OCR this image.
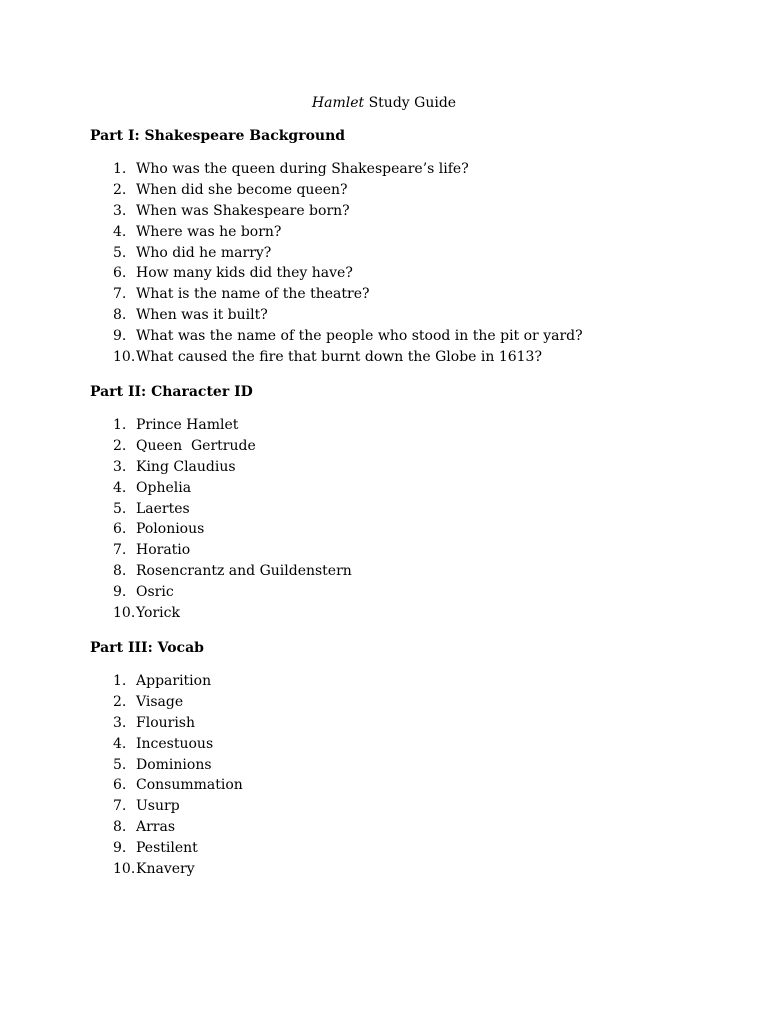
Hamlet Study Guide
Part I: Shakespeare Background
1. Who was the queen during Shakespeare’s life?
2. When did she become queen?
3. When was Shakespeare born?
4. Where was he born?
5. Who did he marry?
6. How many kids did they have?
7. What is the name of the theatre?
8. When was it built?
9. What was the name of the people who stood in the pit or yard?
10. What caused the fire that burnt down the Globe in 1613?
Part II: Character ID
1. Prince Hamlet
2. Queen  Gertrude
3. King Claudius
4. Ophelia
5. Laertes
6. Polonious
7. Horatio
8. Rosencrantz and Guildenstern
9. Osric
10. Yorick
Part III: Vocab
1. Apparition
2. Visage
3. Flourish
4. Incestuous
5. Dominions
6. Consummation
7. Usurp
8. Arras
9. Pestilent
10. Knavery
